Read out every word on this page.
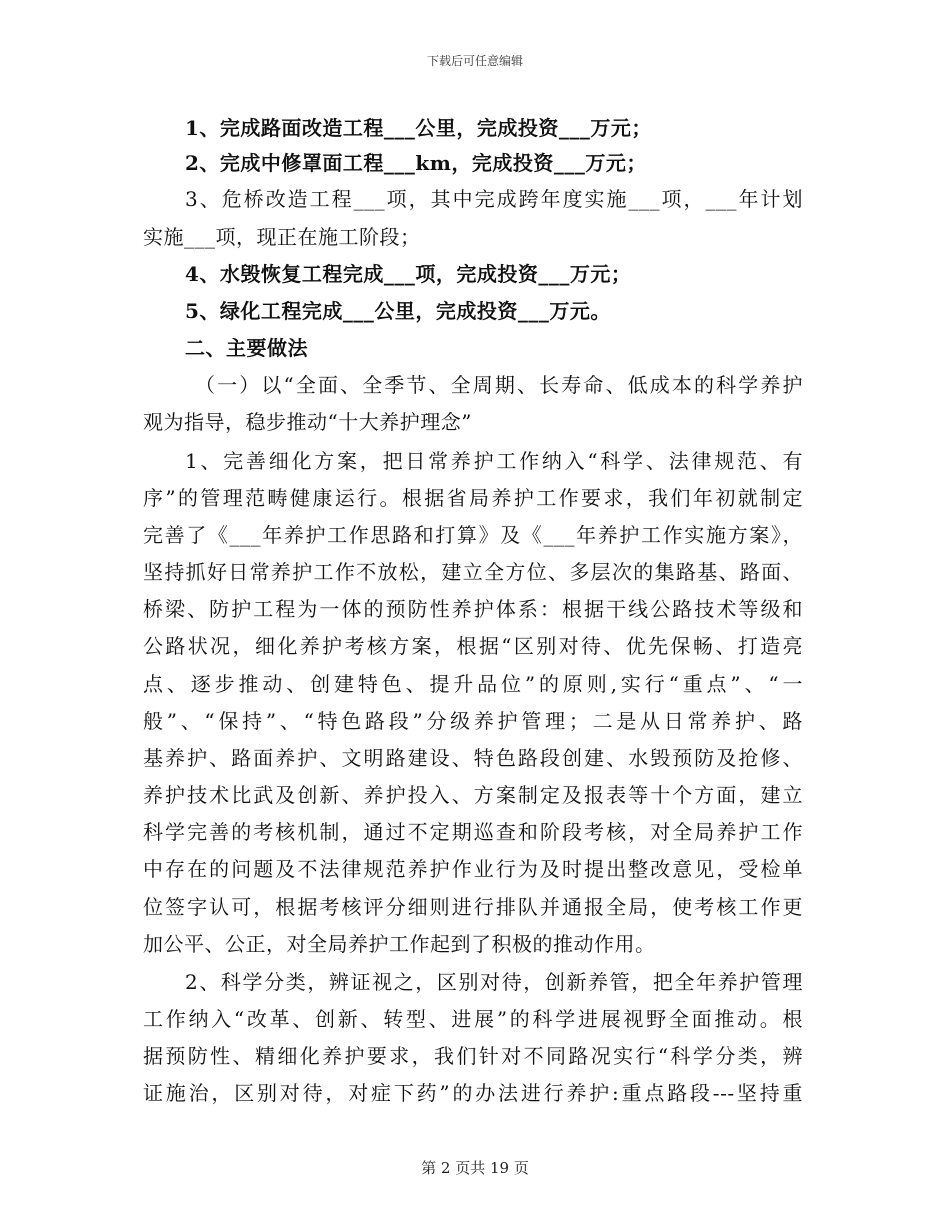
下载后可任意编辑
1、完成路面改造工程___公里，完成投资___万元；
2、完成中修罩面工程___km，完成投资___万元；
3、危桥改造工程___项，其中完成跨年度实施___项，___年计划
实施___项，现正在施工阶段；
4、水毁恢复工程完成___项，完成投资___万元；
5、绿化工程完成___公里，完成投资___万元。
二、主要做法
（一）以“全面、全季节、全周期、长寿命、低成本的科学养护
观为指导，稳步推动“十大养护理念”
1、完善细化方案，把日常养护工作纳入“科学、法律规范、有
序”的管理范畴健康运行。根据省局养护工作要求，我们年初就制定
完善了《___年养护工作思路和打算》及《___年养护工作实施方案》，
坚持抓好日常养护工作不放松，建立全方位、多层次的集路基、路面、
桥梁、防护工程为一体的预防性养护体系：根据干线公路技术等级和
公路状况，细化养护考核方案，根据“区别对待、优先保畅、打造亮
点、逐步推动、创建特色、提升品位”的原则,实行“重点”、“一
般”、“保持”、“特色路段”分级养护管理；二是从日常养护、路
基养护、路面养护、文明路建设、特色路段创建、水毁预防及抢修、
养护技术比武及创新、养护投入、方案制定及报表等十个方面，建立
科学完善的考核机制，通过不定期巡查和阶段考核，对全局养护工作
中存在的问题及不法律规范养护作业行为及时提出整改意见，受检单
位签字认可，根据考核评分细则进行排队并通报全局，使考核工作更
加公平、公正，对全局养护工作起到了积极的推动作用。
2、科学分类，辨证视之，区别对待，创新养管，把全年养护管理
工作纳入“改革、创新、转型、进展”的科学进展视野全面推动。根
据预防性、精细化养护要求，我们针对不同路况实行“科学分类，辨
证施治，区别对待，对症下药”的办法进行养护:重点路段---坚持重
第 2 页共 19 页
